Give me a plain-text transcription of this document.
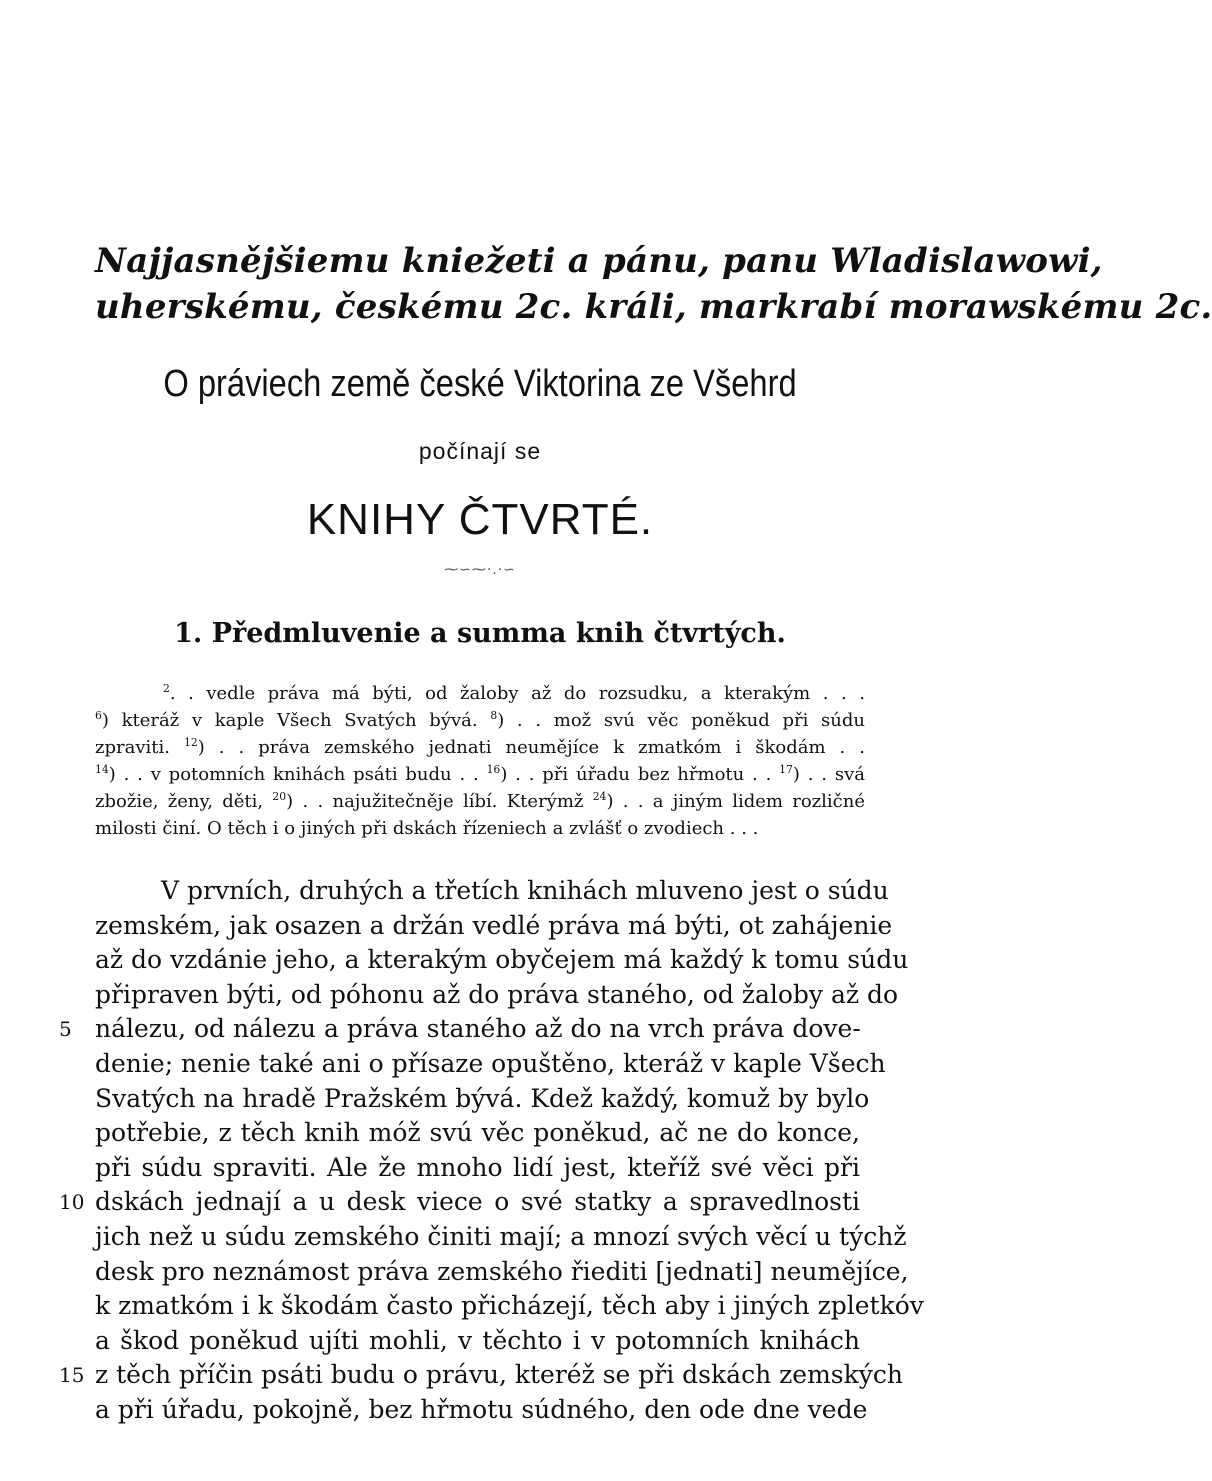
Najjasnějšiemu kniežeti a pánu, panu Wladislawowi,
uherskému, českému 2c. králi, markrabí morawskému 2c.
O práviech země české Viktorina ze Všehrd
počínají se
KNIHY ČTVRTÉ.
⁓∽⁓·.·∽
1. Předmluvenie a summa knih čtvrtých.
$^2$. . vedle práva má býti, od žaloby až do rozsudku, a kterakým . . .
$^6$) kteráž v kaple Všech Svatých bývá. $^8$) . . mož svú věc poněkud při súdu
zpraviti. $^{12}$) . . práva zemského jednati neumějíce k zmatkóm i škodám . .
$^{14}$) . . v potomních knihách psáti budu . . $^{16}$) . . při úřadu bez hřmotu . . $^{17}$) . . svá
zbožie, ženy, děti, $^{20}$) . . najužitečněje líbí. Kterýmž $^{24}$) . . a jiným lidem rozličné
milosti činí. O těch i o jiných při dskách řízeniech a zvlášť o zvodiech . . .
V prvních, druhých a třetích knihách mluveno jest o súdu
zemském, jak osazen a držán vedlé práva má býti, ot zahájenie
až do vzdánie jeho, a kterakým obyčejem má každý k tomu súdu
připraven býti, od póhonu až do práva staného, od žaloby až do
5 nálezu, od nálezu a práva staného až do na vrch práva dove-
denie; nenie také ani o přísaze opuštěno, kteráž v kaple Všech
Svatých na hradě Pražském bývá. Kdež každý, komuž by bylo
potřebie, z těch knih móž svú věc poněkud, ač ne do konce,
při súdu spraviti. Ale že mnoho lidí jest, kteříž své věci při
10 dskách jednají a u desk viece o své statky a spravedlnosti
jich než u súdu zemského činiti mají; a mnozí svých věcí u týchž
desk pro neznámost práva zemského řiediti [jednati] neumějíce,
k zmatkóm i k škodám často přicházejí, těch aby i jiných zpletkóv
a škod poněkud ujíti mohli, v těchto i v potomních knihách
15 z těch příčin psáti budu o právu, kteréž se při dskách zemských
a při úřadu, pokojně, bez hřmotu súdného, den ode dne vede
